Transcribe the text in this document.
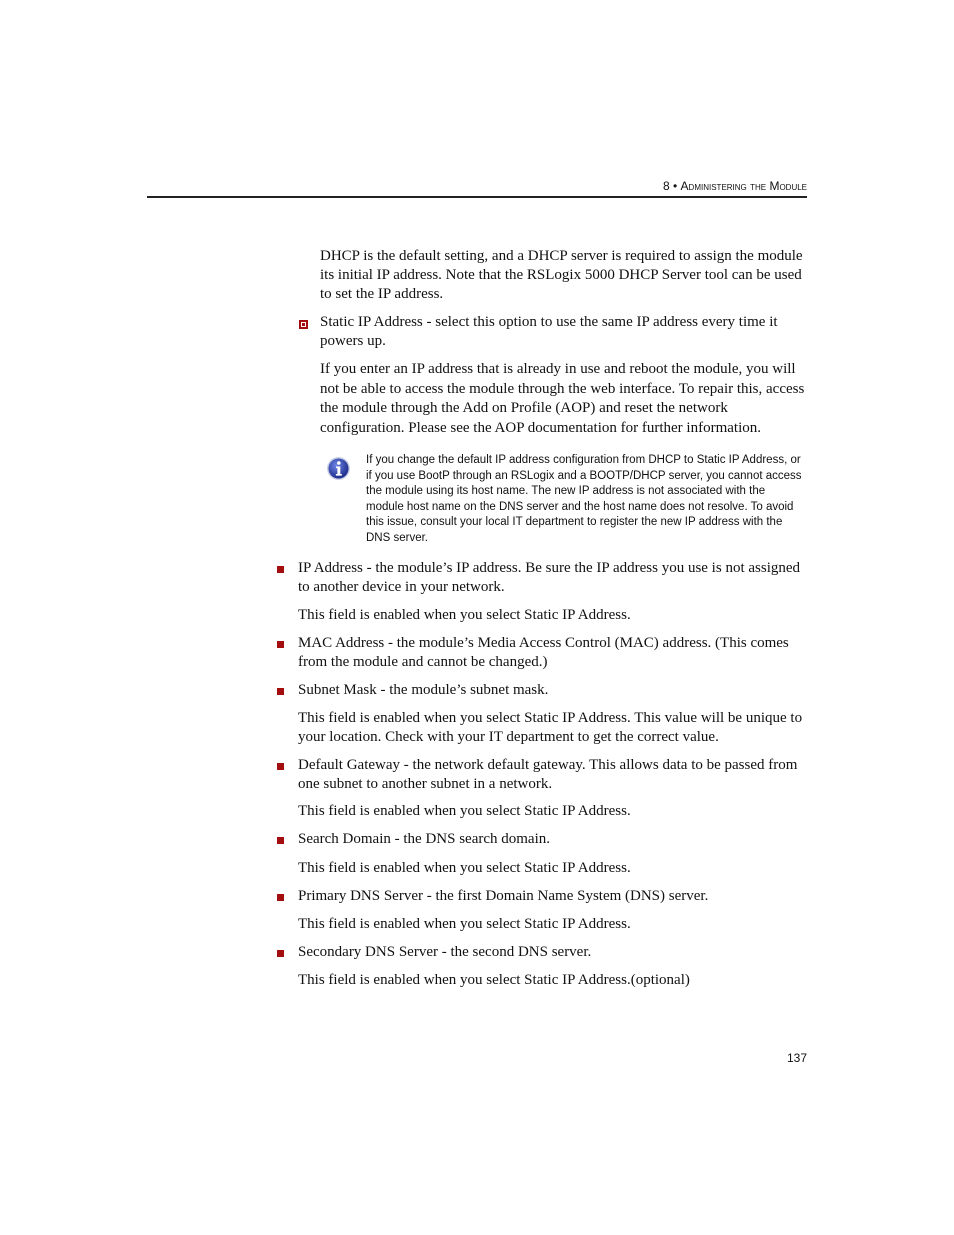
8 • Administering the Module

DHCP is the default setting, and a DHCP server is required to assign the module its initial IP address. Note that the RSLogix 5000 DHCP Server tool can be used to set the IP address.

Static IP Address - select this option to use the same IP address every time it powers up.

If you enter an IP address that is already in use and reboot the module, you will not be able to access the module through the web interface. To repair this, access the module through the Add on Profile (AOP) and reset the network configuration. Please see the AOP documentation for further information.

If you change the default IP address configuration from DHCP to Static IP Address, or if you use BootP through an RSLogix and a BOOTP/DHCP server, you cannot access the module using its host name. The new IP address is not associated with the module host name on the DNS server and the host name does not resolve. To avoid this issue, consult your local IT department to register the new IP address with the DNS server.

IP Address - the module’s IP address. Be sure the IP address you use is not assigned to another device in your network.

This field is enabled when you select Static IP Address.

MAC Address - the module’s Media Access Control (MAC) address. (This comes from the module and cannot be changed.)

Subnet Mask - the module’s subnet mask.

This field is enabled when you select Static IP Address. This value will be unique to your location. Check with your IT department to get the correct value.

Default Gateway - the network default gateway. This allows data to be passed from one subnet to another subnet in a network.

This field is enabled when you select Static IP Address.

Search Domain - the DNS search domain.

This field is enabled when you select Static IP Address.

Primary DNS Server - the first Domain Name System (DNS) server.

This field is enabled when you select Static IP Address.

Secondary DNS Server - the second DNS server.

This field is enabled when you select Static IP Address.(optional)

137
